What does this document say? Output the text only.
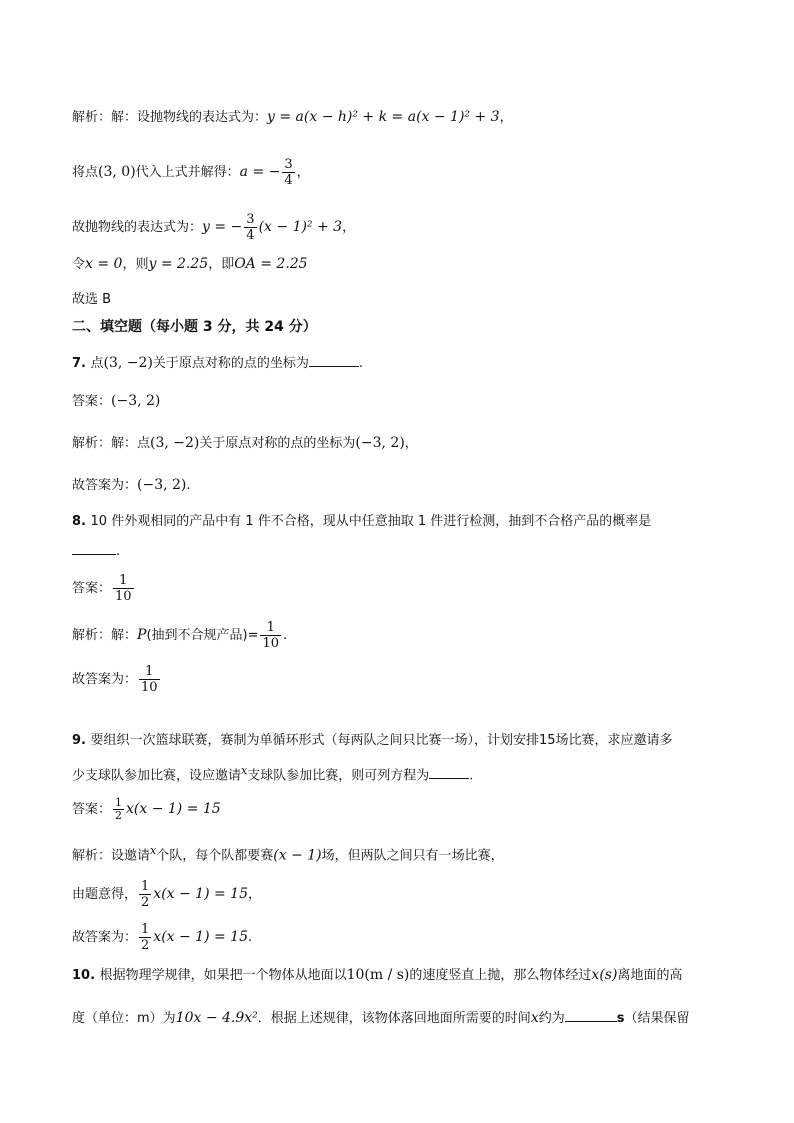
解析：解：设抛物线的表达式为：y = a(x − h)² + k = a(x − 1)² + 3，
将点(3, 0)代入上式并解得：a = − $\frac{3}{4}$ ，
故抛物线的表达式为：y = − $\frac{3}{4} (x - 1)^2 + 3$，
令x = 0，则y = 2.25，即OA = 2.25
故选 B
二、填空题（每小题 3 分，共 24 分）
7. 点(3, −2)关于原点对称的点的坐标为	.
答案：(−3, 2)
解析：解：点(3, −2)关于原点对称的点的坐标为(−3, 2)，
故答案为：(−3, 2).
8. 10 件外观相同的产品中有 1 件不合格，现从中任意抽取 1 件进行检测，抽到不合格产品的概率是
.
答案： $\frac{1}{10}$
解析：解：P(抽到不合规产品)= $\frac{1}{10}$ .
故答案为： $\frac{1}{10}$
9. 要组织一次篮球联赛，赛制为单循环形式（每两队之间只比赛一场），计划安排15场比赛，求应邀请多
少支球队参加比赛，设应邀请$^x$支球队参加比赛，则可列方程为	.
答案： $\frac{1}{2} x(x - 1) = 15$
解析：设邀请$^x$个队，每个队都要赛(x − 1)场，但两队之间只有一场比赛，
由题意得， $\frac{1}{2} x(x - 1) = 15$，
故答案为： $\frac{1}{2} x(x - 1) = 15$.
10. 根据物理学规律，如果把一个物体从地面以10(m / s)的速度竖直上抛，那么物体经过x(s)离地面的高
度（单位：m）为10x − 4.9x²．根据上述规律，该物体落回地面所需要的时间x约为	s（结果保留
